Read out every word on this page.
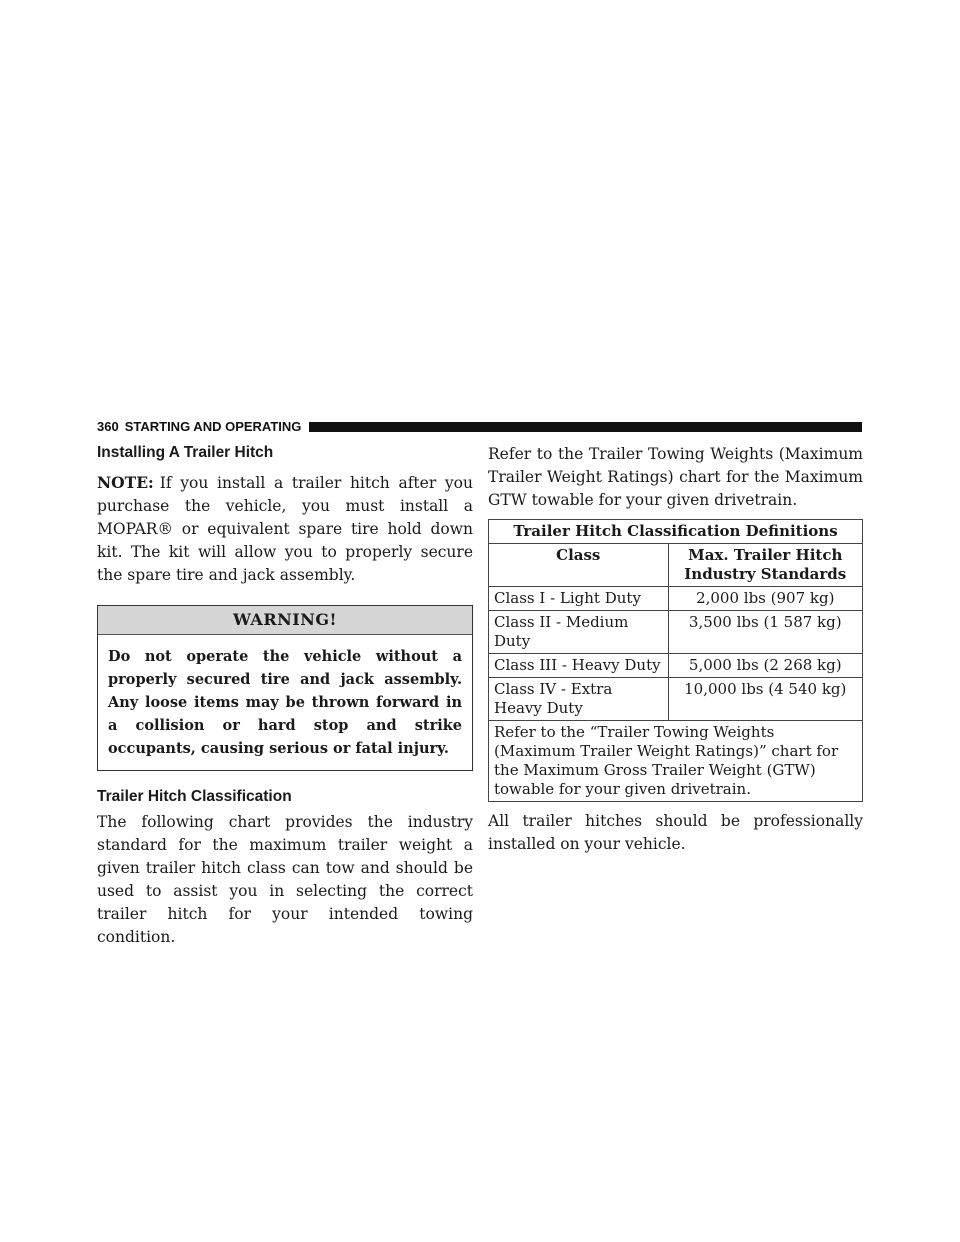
360 STARTING AND OPERATING
Installing A Trailer Hitch

NOTE: If you install a trailer hitch after you purchase the vehicle, you must install a MOPAR® or equivalent spare tire hold down kit. The kit will allow you to properly secure the spare tire and jack assembly.

WARNING!
Do not operate the vehicle without a properly secured tire and jack assembly. Any loose items may be thrown forward in a collision or hard stop and strike occupants, causing serious or fatal injury.
Trailer Hitch Classification

The following chart provides the industry standard for the maximum trailer weight a given trailer hitch class can tow and should be used to assist you in selecting the correct trailer hitch for your intended towing condition.

Refer to the Trailer Towing Weights (Maximum Trailer Weight Ratings) chart for the Maximum GTW towable for your given drivetrain.

Trailer Hitch Classification Definitions	
Class	Max. Trailer Hitch Industry Standards
Class I - Light Duty	2,000 lbs (907 kg)
Class II - Medium Duty	3,500 lbs (1 587 kg)
Class III - Heavy Duty	5,000 lbs (2 268 kg)
Class IV - Extra Heavy Duty	10,000 lbs (4 540 kg)
Refer to the “Trailer Towing Weights (Maximum Trailer Weight Ratings)” chart for the Maximum Gross Trailer Weight (GTW) towable for your given drivetrain.	

All trailer hitches should be professionally installed on your vehicle.
